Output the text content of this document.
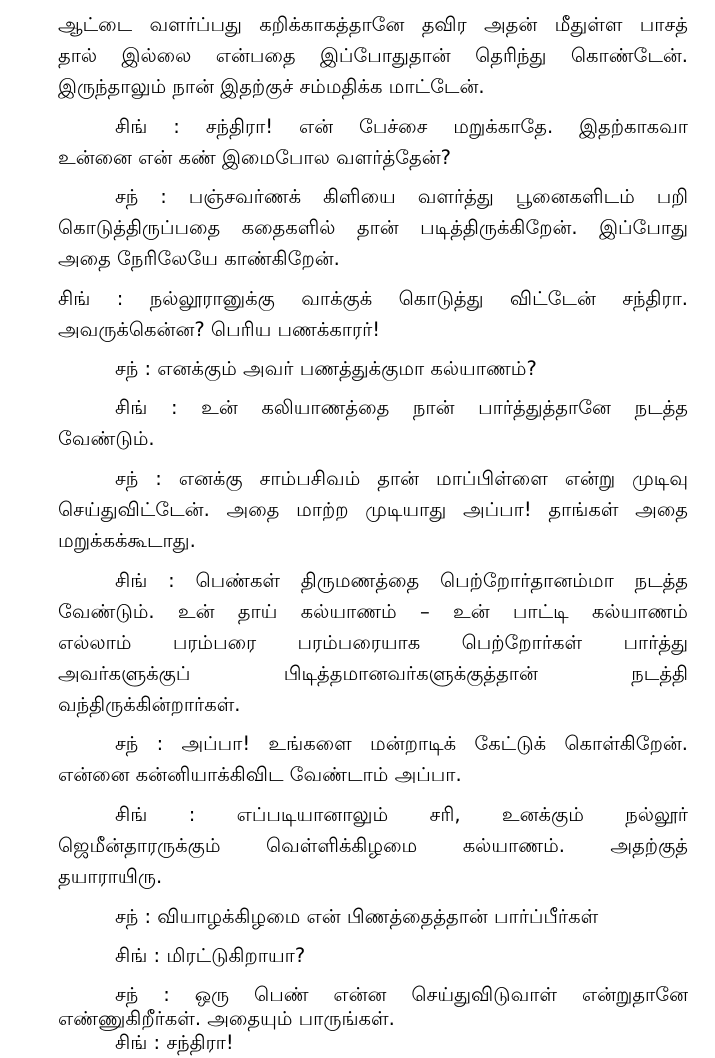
ஆட்டை வளர்ப்பது கறிக்காகத்தானே தவிர அதன் மீதுள்ள பாசத்
தால் இல்லை என்பதை இப்போதுதான் தெரிந்து கொண்டேன்.
இருந்தாலும் நான் இதற்குச் சம்மதிக்க மாட்டேன்.
சிங் : சந்திரா! என் பேச்சை மறுக்காதே. இதற்காகவா
உன்னை என் கண் இமைபோல வளர்த்தேன்?
சந் : பஞ்சவர்ணக் கிளியை வளர்த்து பூனைகளிடம் பறி
கொடுத்திருப்பதை கதைகளில் தான் படித்திருக்கிறேன். இப்போது
அதை நேரிலேயே காண்கிறேன்.
சிங் : நல்லூரானுக்கு வாக்குக் கொடுத்து விட்டேன் சந்திரா.
அவருக்கென்ன? பெரிய பணக்காரர்!
சந் : எனக்கும் அவர் பணத்துக்குமா கல்யாணம்?
சிங் : உன் கலியாணத்தை நான் பார்த்துத்தானே நடத்த
வேண்டும்.
சந் : எனக்கு சாம்பசிவம் தான் மாப்பிள்ளை என்று முடிவு
செய்துவிட்டேன். அதை மாற்ற முடியாது அப்பா! தாங்கள் அதை
மறுக்கக்கூடாது.
சிங் : பெண்கள் திருமணத்தை பெற்றோர்தானம்மா நடத்த
வேண்டும். உன் தாய் கல்யாணம் – உன் பாட்டி கல்யாணம்
எல்லாம் பரம்பரை பரம்பரையாக பெற்றோர்கள் பார்த்து
அவர்களுக்குப் பிடித்தமானவர்களுக்குத்தான் நடத்தி
வந்திருக்கின்றார்கள்.
சந் : அப்பா! உங்களை மன்றாடிக் கேட்டுக் கொள்கிறேன்.
என்னை கன்னியாக்கிவிட வேண்டாம் அப்பா.
சிங் : எப்படியானாலும் சரி, உனக்கும் நல்லூர்
ஜெமீன்தாரருக்கும் வெள்ளிக்கிழமை கல்யாணம். அதற்குத்
தயாராயிரு.
சந் : வியாழக்கிழமை என் பிணத்தைத்தான் பார்ப்பீர்கள்
சிங் : மிரட்டுகிறாயா?
சந் : ஒரு பெண் என்ன செய்துவிடுவாள் என்றுதானே
எண்ணுகிறீர்கள். அதையும் பாருங்கள்.
சிங் : சந்திரா!
